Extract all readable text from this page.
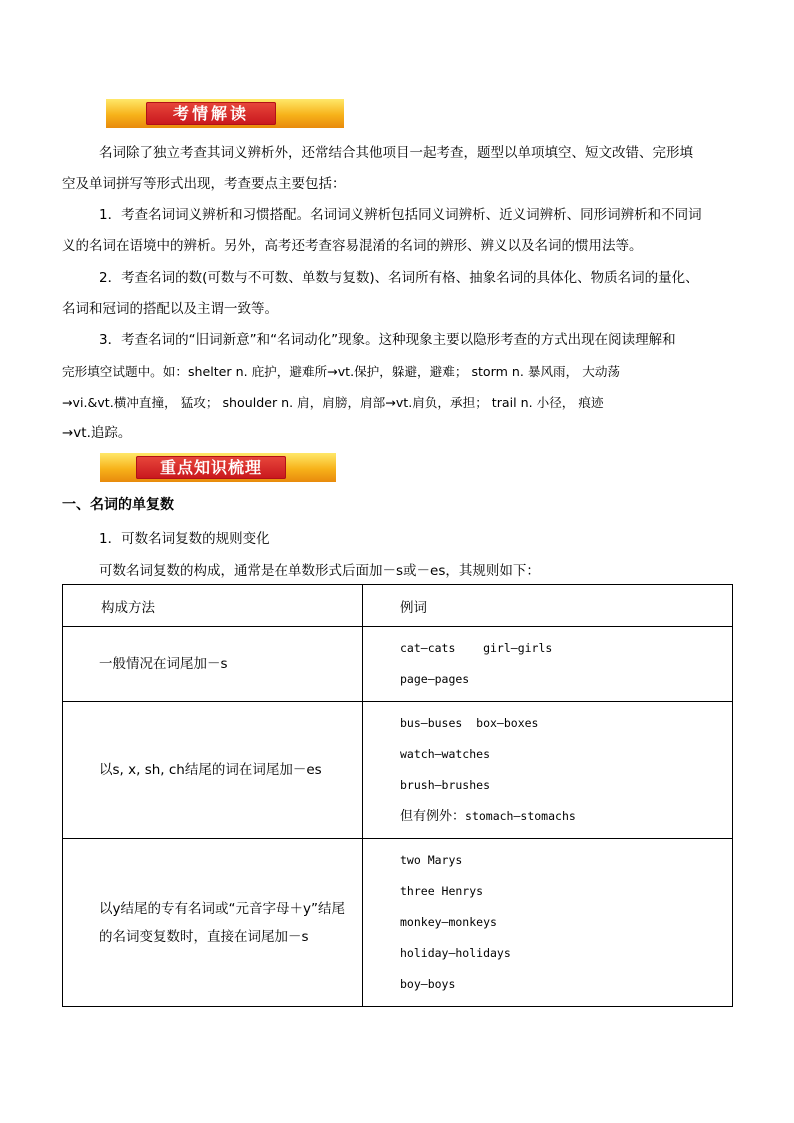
考情解读
名词除了独立考查其词义辨析外，还常结合其他项目一起考查，题型以单项填空、短文改错、完形填
空及单词拼写等形式出现，考查要点主要包括：
1．考查名词词义辨析和习惯搭配。名词词义辨析包括同义词辨析、近义词辨析、同形词辨析和不同词
义的名词在语境中的辨析。另外，高考还考查容易混淆的名词的辨形、辨义以及名词的惯用法等。
2．考查名词的数(可数与不可数、单数与复数)、名词所有格、抽象名词的具体化、物质名词的量化、
名词和冠词的搭配以及主谓一致等。
3．考查名词的“旧词新意”和“名词动化”现象。这种现象主要以隐形考查的方式出现在阅读理解和
完形填空试题中。如：shelter n. 庇护，避难所→vt.保护，躲避，避难； storm n. 暴风雨， 大动荡
→vi.&vt.横冲直撞， 猛攻； shoulder n. 肩，肩膀，肩部→vt.肩负，承担； trail n. 小径， 痕迹
→vt.追踪。
重点知识梳理
一、名词的单复数
1．可数名词复数的规则变化
可数名词复数的构成，通常是在单数形式后面加－s或－es，其规则如下：
构成方法	例词
一般情况在词尾加－s	cat—cats    girl—girls
page—pages

以s, x, sh, ch结尾的词在词尾加－es	bus—buses  box—boxes
watch—watches
brush—brushes
但有例外：stomach—stomachs

以y结尾的专有名词或“元音字母＋y”结尾的名词变复数时，直接在词尾加－s	two Marys
three Henrys
monkey—monkeys
holiday—holidays
boy—boys
